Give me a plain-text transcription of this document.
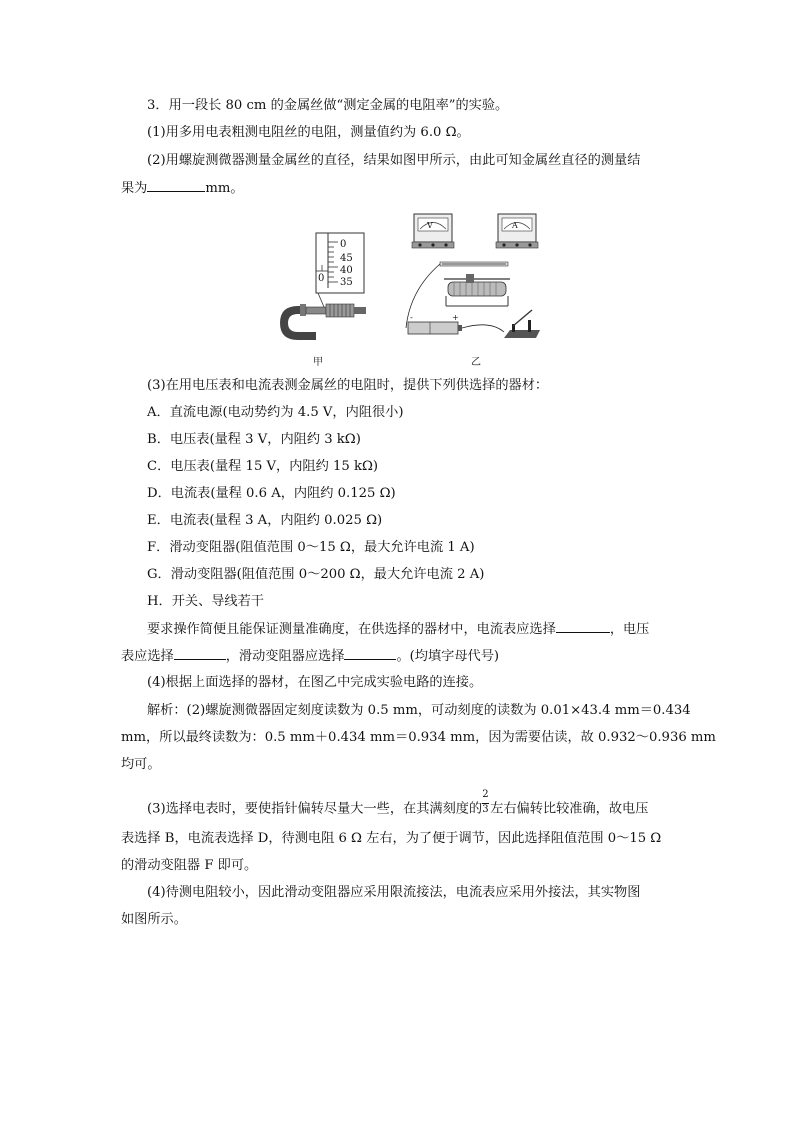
3．用一段长 80 cm 的金属丝做“测定金属的电阻率”的实验。
(1)用多用电表粗测电阻丝的电阻，测量值约为 6.0 Ω。
(2)用螺旋测微器测量金属丝的直径，结果如图甲所示，由此可知金属丝直径的测量结
果为	mm。
0
45
40
35
0
甲
-	+
V	A
乙
(3)在用电压表和电流表测金属丝的电阻时，提供下列供选择的器材：
A．直流电源(电动势约为 4.5 V，内阻很小)
B．电压表(量程 3 V，内阻约 3 kΩ)
C．电压表(量程 15 V，内阻约 15 kΩ)
D．电流表(量程 0.6 A，内阻约 0.125 Ω)
E．电流表(量程 3 A，内阻约 0.025 Ω)
F．滑动变阻器(阻值范围 0～15 Ω，最大允许电流 1 A)
G．滑动变阻器(阻值范围 0～200 Ω，最大允许电流 2 A)
H．开关、导线若干
要求操作简便且能保证测量准确度，在供选择的器材中，电流表应选择	，电压
表应选择	，滑动变阻器应选择	。(均填字母代号)
(4)根据上面选择的器材，在图乙中完成实验电路的连接。
解析：(2)螺旋测微器固定刻度读数为 0.5 mm，可动刻度的读数为 0.01×43.4 mm＝0.434
mm，所以最终读数为：0.5 mm＋0.434 mm＝0.934 mm，因为需要估读，故 0.932～0.936 mm
均可。
(3)选择电表时，要使指针偏转尽量大一些，在其满刻度的 $\frac{2}{3}$ 左右偏转比较准确，故电压
表选择 B，电流表选择 D，待测电阻 6 Ω 左右，为了便于调节，因此选择阻值范围 0～15 Ω
的滑动变阻器 F 即可。
(4)待测电阻较小，因此滑动变阻器应采用限流接法，电流表应采用外接法，其实物图
如图所示。
